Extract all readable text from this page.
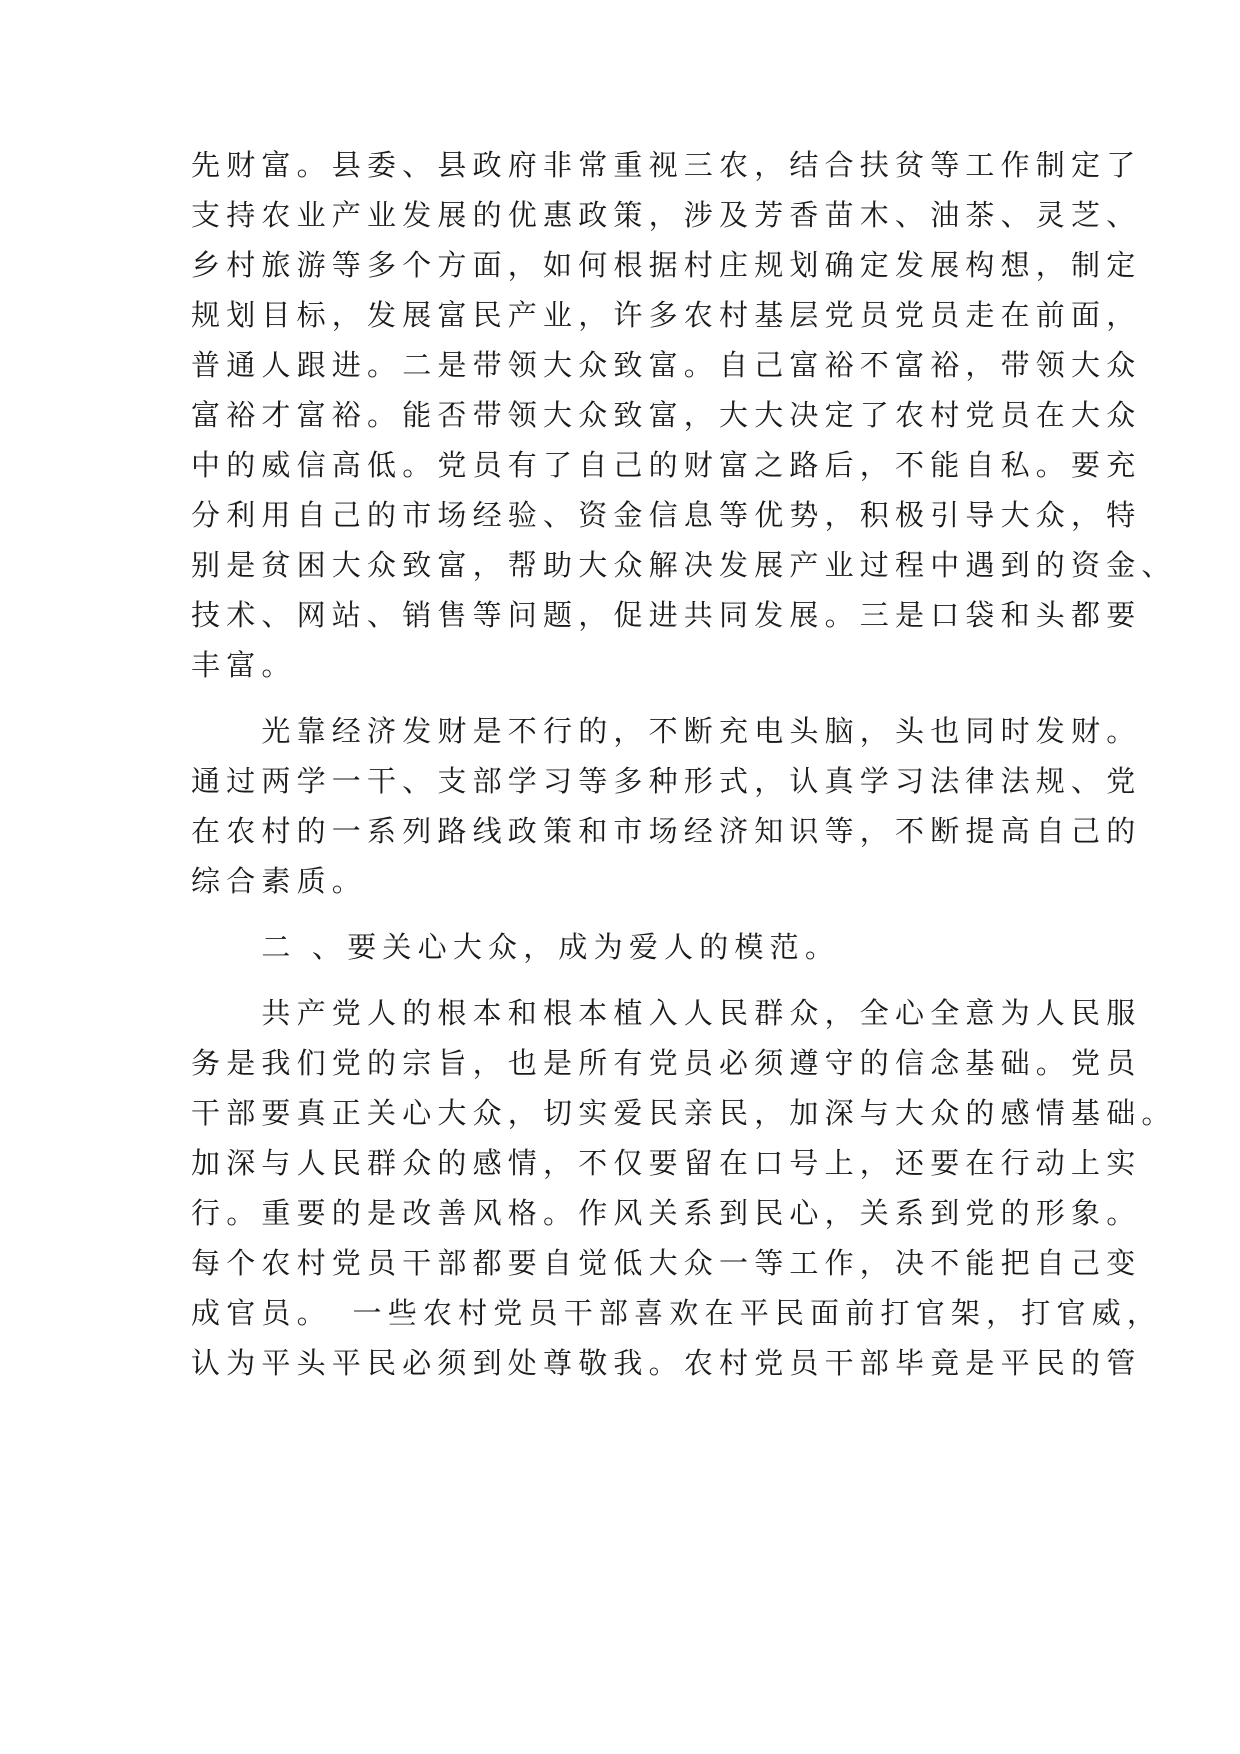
先财富。县委、县政府非常重视三农，结合扶贫等工作制定了
支持农业产业发展的优惠政策，涉及芳香苗木、油茶、灵芝、
乡村旅游等多个方面，如何根据村庄规划确定发展构想，制定
规划目标，发展富民产业，许多农村基层党员党员走在前面，
普通人跟进。二是带领大众致富。自己富裕不富裕，带领大众
富裕才富裕。能否带领大众致富，大大决定了农村党员在大众
中的威信高低。党员有了自己的财富之路后，不能自私。要充
分利用自己的市场经验、资金信息等优势，积极引导大众，特
别是贫困大众致富，帮助大众解决发展产业过程中遇到的资金、
技术、网站、销售等问题，促进共同发展。三是口袋和头都要
丰富。
　　光靠经济发财是不行的，不断充电头脑，头也同时发财。
通过两学一干、支部学习等多种形式，认真学习法律法规、党
在农村的一系列路线政策和市场经济知识等，不断提高自己的
综合素质。
　　二 、要关心大众，成为爱人的模范。
　　共产党人的根本和根本植入人民群众，全心全意为人民服
务是我们党的宗旨，也是所有党员必须遵守的信念基础。党员
干部要真正关心大众，切实爱民亲民，加深与大众的感情基础。
加深与人民群众的感情，不仅要留在口号上，还要在行动上实
行。重要的是改善风格。作风关系到民心，关系到党的形象。
每个农村党员干部都要自觉低大众一等工作，决不能把自己变
成官员。　一些农村党员干部喜欢在平民面前打官架，打官威，
认为平头平民必须到处尊敬我。农村党员干部毕竟是平民的管
